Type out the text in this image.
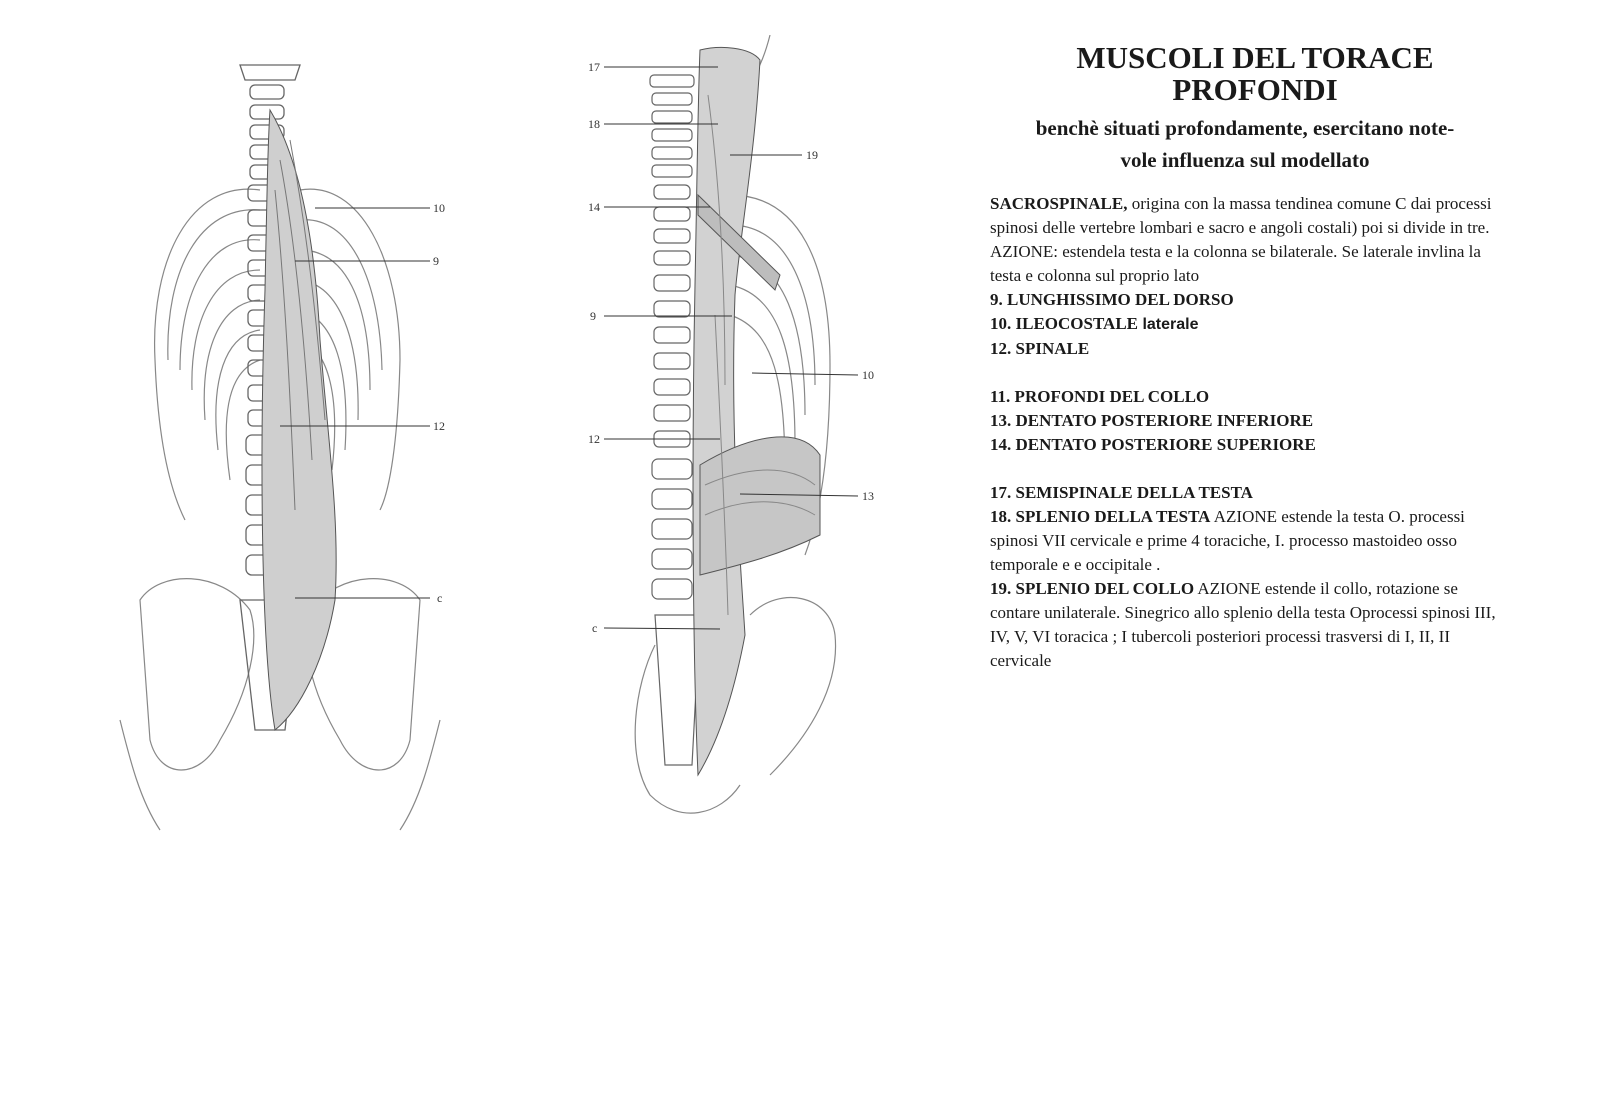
10
9
12
c
17
18
19
14
9
10
12
13
c
MUSCOLI DEL TORACE
PROFONDI
benchè situati profondamente, esercitano note-
vole influenza sul modellato

SACROSPINALE, origina con la massa tendinea comune C dai processi spinosi delle vertebre lombari e sacro e angoli costali) poi si divide in tre. AZIONE: estendela testa e la colonna se bilaterale. Se laterale invlina la testa e colonna sul proprio lato

9. LUNGHISSIMO DEL DORSO

10. ILEOCOSTALE laterale

12. SPINALE

11. PROFONDI DEL COLLO

13. DENTATO POSTERIORE INFERIORE

14. DENTATO POSTERIORE SUPERIORE

17. SEMISPINALE DELLA TESTA

18. SPLENIO DELLA TESTA AZIONE estende la testa O. processi spinosi VII cervicale e prime 4 toraciche, I. processo mastoideo osso temporale e e occipitale .

19. SPLENIO DEL COLLO AZIONE estende il collo, rotazione se contare unilaterale. Sinegrico allo splenio della testa Oprocessi spinosi III, IV, V, VI toracica ; I tubercoli posteriori processi trasversi di I, II, II cervicale
